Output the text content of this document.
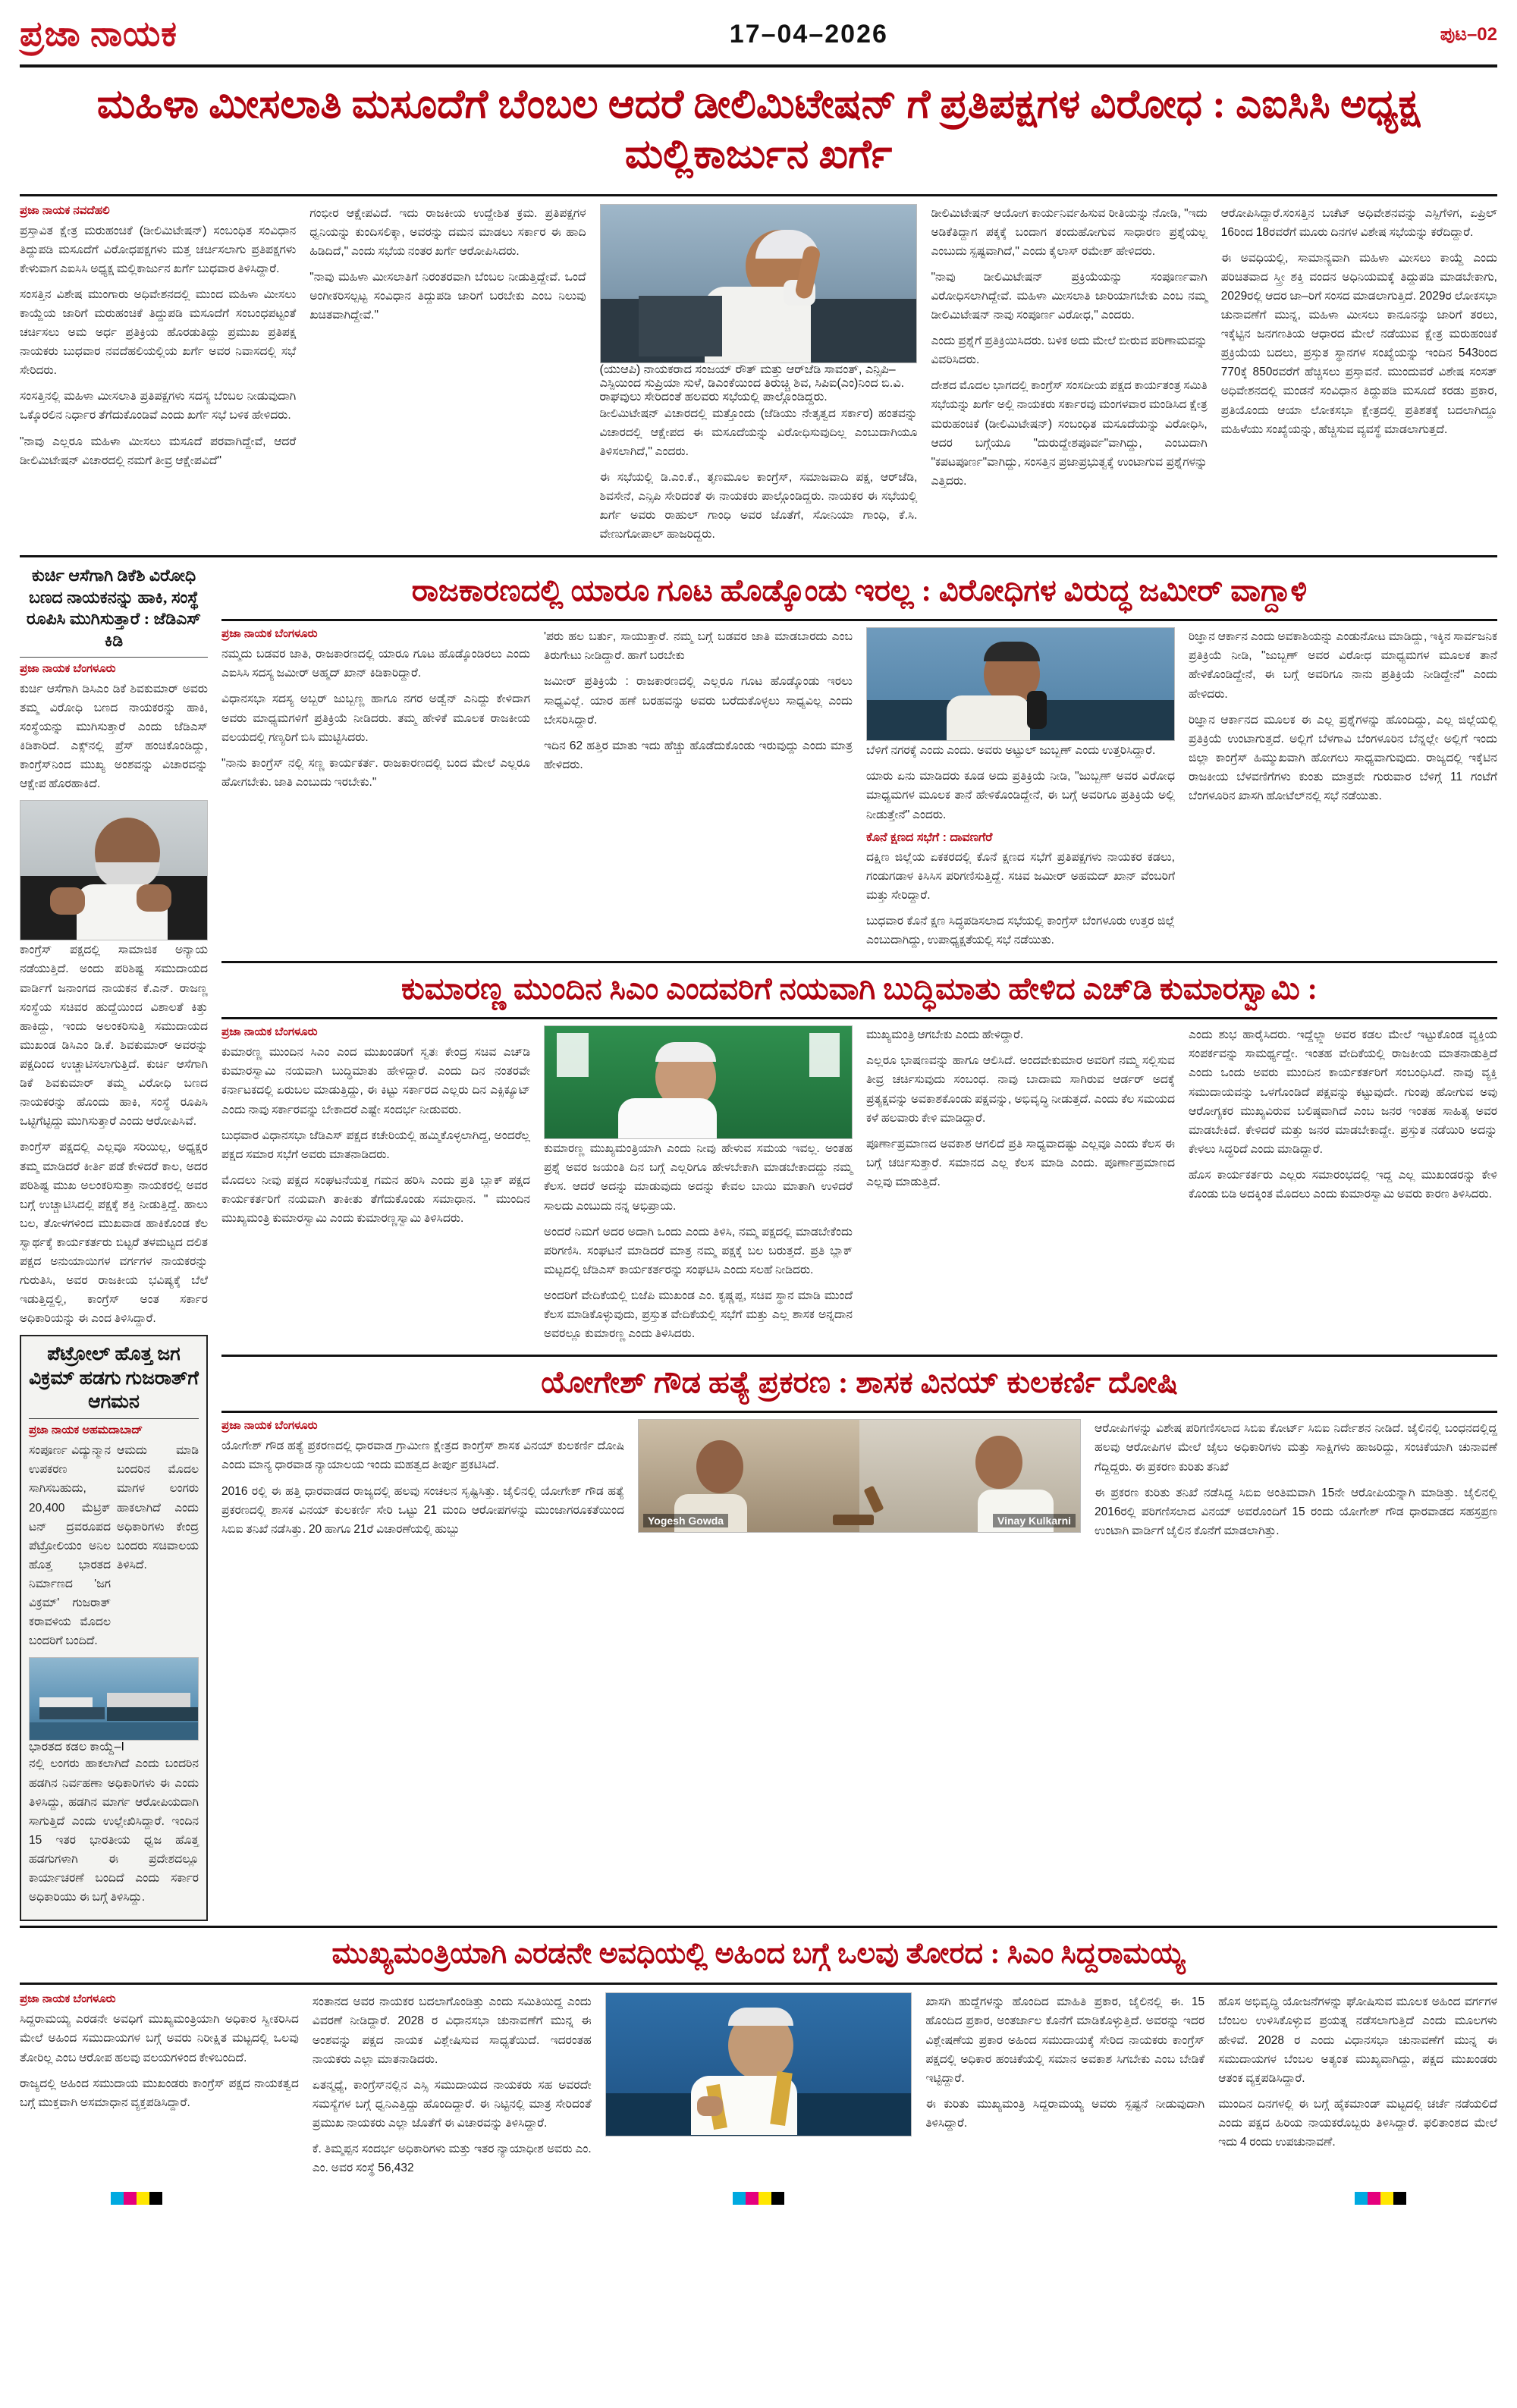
ಪ್ರಜಾ ನಾಯಕ	17–04–2026	ಪುಟ–02
ಮಹಿಳಾ ಮೀಸಲಾತಿ ಮಸೂದೆಗೆ ಬೆಂಬಲ ಆದರೆ ಡೀಲಿಮಿಟೇಷನ್ ಗೆ ಪ್ರತಿಪಕ್ಷಗಳ ವಿರೋಧ : ಎಐಸಿಸಿ ಅಧ್ಯಕ್ಷ ಮಲ್ಲಿಕಾರ್ಜುನ ಖರ್ಗೆ
ಪ್ರಜಾ ನಾಯಕ ನವದೆಹಲಿ

ಪ್ರಸ್ತಾವಿತ ಕ್ಷೇತ್ರ ಮರುಹಂಚಿಕೆ (ಡೀಲಿಮಿಟೇಷನ್) ಸಂಬಂಧಿತ ಸಂವಿಧಾನ ತಿದ್ದುಪಡಿ ಮಸೂದೆಗೆ ವಿರೋಧಪಕ್ಷಗಳು ಮತ್ತ ಚರ್ಚಿಸಲಾಗು ಪ್ರತಿಪಕ್ಷಗಳು ಕೇಳುವಾಗ ಎಐಸಿಸಿ ಅಧ್ಯಕ್ಷ ಮಲ್ಲಿಕಾರ್ಜುನ ಖರ್ಗೆ ಬುಧವಾರ ತಿಳಿಸಿದ್ದಾರೆ.

ಸಂಸತ್ತಿನ ವಿಶೇಷ ಮುಂಗಾರು ಅಧಿವೇಶನದಲ್ಲಿ ಮುಂದ ಮಹಿಳಾ ಮೀಸಲು ಕಾಯ್ದೆಯ ಜಾರಿಗೆ ಮರುಹಂಚಿಕೆ ತಿದ್ದುಪಡಿ ಮಸೂದೆಗೆ ಸಂಬಂಧಪಟ್ಟಂತೆ ಚರ್ಚಿಸಲು ಅಮ ಅರ್ಧ ಪ್ರತಿಕ್ರಿಯ ಹೊರಡುತಿದ್ದು ಪ್ರಮುಖ ಪ್ರತಿಪಕ್ಷ ನಾಯಕರು ಬುಧವಾರ ನವದೆಹಲಿಯಲ್ಲಿಯ ಖರ್ಗೆ ಅವರ ನಿವಾಸದಲ್ಲಿ ಸಭೆ ಸೇರಿದರು.

ಸಂಸತ್ತಿನಲ್ಲಿ ಮಹಿಳಾ ಮೀಸಲಾತಿ ಪ್ರತಿಪಕ್ಷಗಳು ಸದಸ್ಯ ಬೆಂಬಲ ನೀಡುವುದಾಗಿ ಒಕ್ಕೊರಲಿನ ನಿರ್ಧಾರ ತೆಗೆದುಕೊಂಡಿವೆ ಎಂದು ಖರ್ಗೆ ಸಭೆ ಬಳಿಕ ಹೇಳಿದರು.

"ನಾವು ಎಲ್ಲರೂ ಮಹಿಳಾ ಮೀಸಲು ಮಸೂದೆ ಪರವಾಗಿದ್ದೇವೆ, ಆದರೆ ಡೀಲಿಮಿಟೇಷನ್ ವಿಚಾರದಲ್ಲಿ ನಮಗೆ ತೀವ್ರ ಆಕ್ಷೇಪವಿದೆ"

ಗಂಭೀರ ಆಕ್ಷೇಪವಿದೆ. ಇದು ರಾಜಕೀಯ ಉದ್ದೇಶಿತ ಕ್ರಮ. ಪ್ರತಿಪಕ್ಷಗಳ ಧ್ವನಿಯನ್ನು ಕುಂದಿಸಲಿಕ್ಕಾ, ಅವರನ್ನು ದಮನ ಮಾಡಲು ಸರ್ಕಾರ ಈ ಹಾದಿ ಹಿಡಿದಿದೆ," ಎಂದು ಸಭೆಯ ನಂತರ ಖರ್ಗೆ ಆರೋಪಿಸಿದರು.

"ನಾವು ಮಹಿಳಾ ಮೀಸಲಾತಿಗೆ ನಿರಂತರವಾಗಿ ಬೆಂಬಲ ನೀಡುತ್ತಿದ್ದೇವೆ. ಒಂದೆ ಅಂಗೀಕರಿಸಲ್ಪಟ್ಟ ಸಂವಿಧಾನ ತಿದ್ದುಪಡಿ ಜಾರಿಗೆ ಬರಬೇಕು ಎಂಬ ನಿಲುವು ಖಚಿತವಾಗಿದ್ದೇವೆ."

(ಯುಆಪಿ) ನಾಯಕರಾದ ಸಂಜಯ್ ರೌತ್ ಮತ್ತು ಆರ್‌ಜೆಡಿ ಸಾವಂತ್, ಎನ್ಸಿಪಿ–ಎಸ್ಪಿಯಿಂದ ಸುಪ್ರಿಯಾ ಸುಳೆ, ಡಿಎಂಕೆಯಿಂದ ತಿರುಚ್ಚಿ ಶಿವ, ಸಿಪಿಐ(ಎಂ)ನಿಂದ ಬಿ.ವಿ. ರಾಘವುಲು ಸೇರಿದಂತೆ ಹಲವರು ಸಭೆಯಲ್ಲಿ ಪಾಲ್ಗೊಂಡಿದ್ದರು.

ಡೀಲಿಮಿಟೇಷನ್ ವಿಚಾರದಲ್ಲಿ ಮತ್ತೊಂದು (ಜೆಡಿಯು ನೇತೃತ್ವದ ಸರ್ಕಾರ) ಹಂತವನ್ನು ವಿಚಾರದಲ್ಲಿ ಆಕ್ಷೇಪದ ಈ ಮಸೂದೆಯನ್ನು ವಿರೋಧಿಸುವುದಿಲ್ಲ ಎಂಬುದಾಗಿಯೂ ತಿಳಿಸಲಾಗಿದೆ," ಎಂದರು.

ಈ ಸಭೆಯಲ್ಲಿ ಡಿ.ಎಂ.ಕೆ., ತೃಣಮೂಲ ಕಾಂಗ್ರೆಸ್, ಸಮಾಜವಾದಿ ಪಕ್ಷ, ಆರ್‌ಜೆಡಿ, ಶಿವಸೇನೆ, ಎನ್ಸಿಪಿ ಸೇರಿದಂತೆ ಈ ನಾಯಕರು ಪಾಲ್ಗೊಂಡಿದ್ದರು. ನಾಯಕರ ಈ ಸಭೆಯಲ್ಲಿ ಖರ್ಗೆ ಅವರು ರಾಹುಲ್ ಗಾಂಧಿ ಅವರ ಜೊತೆಗೆ, ಸೋನಿಯಾ ಗಾಂಧಿ, ಕೆ.ಸಿ. ವೇಣುಗೋಪಾಲ್ ಹಾಜರಿದ್ದರು.

ಡೀಲಿಮಿಟೇಷನ್ ಆಯೋಗ ಕಾರ್ಯನಿರ್ವಹಿಸುವ ರೀತಿಯನ್ನು ನೋಡಿ, "ಇದು ಅಡಿಕೆತಿದ್ದಾಗ ಪಕ್ಕಕ್ಕೆ ಬಂದಾಗ ತಂದುಹೋಗುವ ಸಾಧಾರಣ ಪ್ರಶ್ನೆಯಲ್ಲ ಎಂಬುದು ಸ್ಪಷ್ಟವಾಗಿದೆ," ಎಂದು ಕೈಲಾಸ್ ರಮೇಶ್ ಹೇಳಿದರು.

"ನಾವು ಡೀಲಿಮಿಟೇಷನ್ ಪ್ರಕ್ರಿಯೆಯನ್ನು ಸಂಪೂರ್ಣವಾಗಿ ವಿರೋಧಿಸಲಾಗಿದ್ದೇವೆ. ಮಹಿಳಾ ಮೀಸಲಾತಿ ಜಾರಿಯಾಗಬೇಕು ಎಂಬ ನಮ್ಮ ಡೀಲಿಮಿಟೇಷನ್ ನಾವು ಸಂಪೂರ್ಣ ವಿರೋಧ," ಎಂದರು.

ಎಂದು ಪ್ರಶ್ನೆಗೆ ಪ್ರತಿಕ್ರಿಯಿಸಿದರು. ಬಳಿಕ ಅದು ಮೇಲೆ ಬೀರುವ ಪರಿಣಾಮವನ್ನು ವಿವರಿಸಿದರು.

ದೇಶದ ಮೊದಲ ಭಾಗದಲ್ಲಿ ಕಾಂಗ್ರೆಸ್ ಸಂಸದೀಯ ಪಕ್ಷದ ಕಾರ್ಯತಂತ್ರ ಸಮಿತಿ ಸಭೆಯನ್ನು ಖರ್ಗೆ ಅಲ್ಲಿ ನಾಯಕರು ಸರ್ಕಾರವು ಮಂಗಳವಾರ ಮಂಡಿಸಿದ ಕ್ಷೇತ್ರ ಮರುಹಂಚಿಕೆ (ಡೀಲಿಮಿಟೇಷನ್) ಸಂಬಂಧಿತ ಮಸೂದೆಯನ್ನು ವಿರೋಧಿಸಿ, ಆದರ ಬಗ್ಗೆಯೂ "ದುರುದ್ದೇಶಪೂರ್ವ"ವಾಗಿದ್ದು, ಎಂಬುದಾಗಿ "ಕಪಟಪೂರ್ಣ"ವಾಗಿದ್ದು, ಸಂಸತ್ತಿನ ಪ್ರಜಾಪ್ರಭುತ್ವಕ್ಕೆ ಉಂಟಾಗುವ ಪ್ರಶ್ನೆಗಳನ್ನು ಎತ್ತಿದರು.

ಆರೋಪಿಸಿದ್ದಾರೆ.ಸಂಸತ್ತಿನ ಬಚೆಟ್ ಅಧಿವೇಶನವನ್ನು ಎಸ್ಪಿಗೆಳಿಗ, ಏಪ್ರಿಲ್ 16ರಿಂದ 18ರವರೆಗೆ ಮೂರು ದಿನಗಳ ವಿಶೇಷ ಸಭೆಯನ್ನು ಕರೆದಿದ್ದಾರೆ.

ಈ ಅವಧಿಯಲ್ಲಿ, ಸಾಮಾನ್ಯವಾಗಿ ಮಹಿಳಾ ಮೀಸಲು ಕಾಯ್ದೆ ಎಂದು ಪರಿಚಿತವಾದ ಸ್ತ್ರೀ ಶಕ್ತಿ ವಂದನ ಅಧಿನಿಯಮಕ್ಕೆ ತಿದ್ದುಪಡಿ ಮಾಡಬೇಕಾಗು, 2029ರಲ್ಲಿ ಆದರ ಜಾ–ರಿಗೆ ಸಂಸದ ಮಾಡಲಾಗುತ್ತಿದೆ. 2029ರ ಲೋಕಸಭಾ ಚುನಾವಣೆಗೆ ಮುನ್ನ, ಮಹಿಳಾ ಮೀಸಲು ಕಾನೂನನ್ನು ಜಾರಿಗೆ ತರಲು, ಇಕ್ಕೆಟ್ಟಿನ ಜನಗಣತಿಯ ಆಧಾರದ ಮೇಲೆ ನಡೆಯುವ ಕ್ಷೇತ್ರ ಮರುಹಂಚಿಕೆ ಪ್ರಕ್ರಿಯೆಯ ಬದಲು, ಪ್ರಸ್ತುತ ಸ್ಥಾನಗಳ ಸಂಖ್ಯೆಯನ್ನು ಇಂದಿನ 543ರಿಂದ 770ಕ್ಕೆ 850ರವರೆಗೆ ಹೆಚ್ಚಿಸಲು ಪ್ರಸ್ತಾವನೆ. ಮುಂದುವರೆ ವಿಶೇಷ ಸಂಸತ್ ಅಧಿವೇಶನದಲ್ಲಿ ಮಂಡನೆ ಸಂವಿಧಾನ ತಿದ್ದುಪಡಿ ಮಸೂದೆ ಕರಡು ಪ್ರಕಾರ, ಪ್ರತಿಯೊಂದು ಆಯಾ ಲೋಕಸಭಾ ಕ್ಷೇತ್ರದಲ್ಲಿ ಪ್ರತಿಶತಕ್ಕೆ ಬದಲಾಗಿದ್ದೂ ಮಹಿಳೆಯು ಸಂಖ್ಯೆಯನ್ನು, ಹೆಚ್ಚಿಸುವ ವ್ಯವಸ್ಥೆ ಮಾಡಲಾಗುತ್ತದೆ.

ಕುರ್ಚಿ ಆಸೆಗಾಗಿ ಡಿಕೆಶಿ ವಿರೋಧಿ ಬಣದ ನಾಯಕನನ್ನು ಹಾಕಿ, ಸಂಸ್ಥೆ ರೂಪಿಸಿ ಮುಗಿಸುತ್ತಾರೆ : ಜೆಡಿಎಸ್ ಕಿಡಿ
ಪ್ರಜಾ ನಾಯಕ ಬೆಂಗಳೂರು

ಕುರ್ಚಿ ಆಸೆಗಾಗಿ ಡಿಸಿಎಂ ಡಿಕೆ ಶಿವಕುಮಾರ್ ಅವರು ತಮ್ಮ ವಿರೋಧಿ ಬಣದ ನಾಯಕರನ್ನು ಹಾಕಿ, ಸಂಸ್ಥೆಯನ್ನು ಮುಗಿಸುತ್ತಾರೆ ಎಂದು ಜೆಡಿಎಸ್ ಕಿಡಿಕಾರಿದೆ. ಎಕ್ಸ್‌ನಲ್ಲಿ ಪ್ರೆಸ್ ಹಂಚಿಕೊಂಡಿದ್ದು, ಕಾಂಗ್ರೆಸ್‌ನಿಂದ ಮುಖ್ಯ ಅಂಶವನ್ನು ವಿಚಾರವನ್ನು ಆಕ್ಷೇಪ ಹೊರಹಾಕಿದೆ.

ಕಾಂಗ್ರೆಸ್ ಪಕ್ಷದಲ್ಲಿ ಸಾಮಾಜಿಕ ಅನ್ಯಾಯ ನಡೆಯುತ್ತಿದೆ. ಅಂದು ಪರಿಶಿಷ್ಟ ಸಮುದಾಯದ ವಾರ್ಡಿಗೆ ಜನಾಂಗದ ನಾಯಕನ ಕೆ.ಎನ್. ರಾಜಣ್ಣ ಸಂಸ್ಥೆಯ ಸಚಿವರ ಹುದ್ದೆಯಿಂದ ವಿಶಾಲತೆ ಕಿತ್ತು ಹಾಕಿದ್ದು, ಇಂದು ಅಲಂಕರಿಸುತ್ತಿ ಸಮುದಾಯದ ಮುಖಂಡ ಡಿಸಿಎಂ ಡಿ.ಕೆ. ಶಿವಕುಮಾರ್ ಅವರನ್ನು ಪಕ್ಷದಿಂದ ಉಚ್ಚಾಟಿಸಲಾಗುತ್ತಿದೆ. ಕುರ್ಚಿ ಆಸೆಗಾಗಿ ಡಿಕೆ ಶಿವಕುಮಾರ್ ತಮ್ಮ ವಿರೋಧಿ ಬಣದ ನಾಯಕರನ್ನು ಹೊಂದು ಹಾಕಿ, ಸಂಸ್ಥೆ ರೂಪಿಸಿ ಒಟ್ಟಿಗೆಟ್ಟಿದ್ದು ಮುಗಿಸುತ್ತಾರೆ ಎಂದು ಆರೋಪಿಸಿವೆ.

ಕಾಂಗ್ರೆಸ್ ಪಕ್ಷದಲ್ಲಿ ಎಲ್ಲವೂ ಸರಿಯಿಲ್ಲ, ಅಧ್ಯಕ್ಷರ ತಮ್ಮ ಮಾಡಿದರೆ ಕೀರ್ತಿ ಪಡೆ ಕೇಳಿದರೆ ಕಾಲ, ಅದರ ಪರಿಶಿಷ್ಟ ಮುಖ ಅಲಂಕರಿಸುತ್ತಾ ನಾಯಕರಲ್ಲಿ ಅವರ ಬಗ್ಗೆ ಉಚ್ಚಾಟಿಸಿದಲ್ಲಿ ಪಕ್ಷಕ್ಕೆ ಶಕ್ತಿ ನೀಡುತ್ತಿದ್ದೆ. ಹಾಲು ಬಲ, ತೋಳಗಳಿಂದ ಮುಖವಾಡ ಹಾಕಿಕೊಂಡ ಕೆಲ ಸ್ವಾರ್ಥಕ್ಕೆ ಕಾರ್ಯಕರ್ತರು ಬಿಟ್ಟರೆ ತಳಮಟ್ಟದ ದಲಿತ ಪಕ್ಷದ ಅನುಯಾಯಿಗಳ ವರ್ಗಗಳ ನಾಯಕರನ್ನು ಗುರುತಿಸಿ, ಅವರ ರಾಜಕೀಯ ಭವಿಷ್ಯಕ್ಕೆ ಬೆಲೆ ಇಡುತ್ತಿದ್ದಲ್ಲಿ, ಕಾಂಗ್ರೆಸ್ ಅಂತ ಸರ್ಕಾರ ಅಧಿಕಾರಿಯನ್ನು ಈ ಎಂದ ತಿಳಿಸಿದ್ದಾರೆ.

ಪೆಟ್ರೋಲ್ ಹೊತ್ತ ಜಗ ವಿಕ್ರಮ್ ಹಡಗು ಗುಜರಾತ್‌ಗೆ ಆಗಮನ
ಪ್ರಜಾ ನಾಯಕ ಅಹಮದಾಬಾದ್

ಸಂಪೂರ್ಣ ವಿದ್ಯುನ್ಮಾನ ಉಪಕರಣ ಸಾಗಿಸಬಹುದು, 20,400 ಮೆಟ್ರಿಕ್ ಟನ್ ದ್ರವರೂಪದ ಪೆಟ್ರೋಲಿಯಂ ಅನಿಲ ಹೊತ್ತ ಭಾರತದ ನಿರ್ಮಾಣದ 'ಜಗ ವಿಕ್ರಮ್' ಗುಜರಾತ್ ಕರಾವಳಿಯ ಮೊದಲ ಬಂದರಿಗೆ ಬಂದಿದೆ.

ಆಮದು ಮಾಡಿ ಬಂದರಿನ ಮೊದಲ ಮಾಗಳ ಲಂಗರು ಹಾಕಲಾಗಿದೆ ಎಂದು ಅಧಿಕಾರಿಗಳು ಕೇಂದ್ರ ಬಂದರು ಸಚಿವಾಲಯ ತಿಳಿಸಿದೆ.

ಭಾರತದ ಕಡಲ ಕಾಯ್ದೆ–I

ನಲ್ಲಿ ಲಂಗರು ಹಾಕಲಾಗಿದೆ ಎಂದು ಬಂದರಿನ ಹಡಗಿನ ನಿರ್ವಹಣಾ ಅಧಿಕಾರಿಗಳು ಈ ಎಂದು ತಿಳಿಸಿದ್ದು, ಹಡಗಿನ ಮಾರ್ಗ ಆರೋಪಿಯದಾಗಿ ಸಾಗುತ್ತಿದೆ ಎಂದು ಉಲ್ಲೇಖಿಸಿದ್ದಾರೆ. ಇಂದಿನ 15 ಇತರ ಭಾರತೀಯ ಧ್ವಜ ಹೊತ್ತ ಹಡಗುಗಳಾಗಿ ಈ ಪ್ರದೇಶದಲ್ಲೂ ಕಾರ್ಯಾಚರಣೆ ಬಂದಿದೆ ಎಂದು ಸರ್ಕಾರ ಅಧಿಕಾರಿಯು ಈ ಬಗ್ಗೆ ತಿಳಿಸಿದ್ದು.

ರಾಜಕಾರಣದಲ್ಲಿ ಯಾರೂ ಗೂಟ ಹೊಡ್ಕೊಂಡು ಇರಲ್ಲ : ವಿರೋಧಿಗಳ ವಿರುದ್ಧ ಜಮೀರ್ ವಾಗ್ದಾಳಿ
ಪ್ರಜಾ ನಾಯಕ ಬೆಂಗಳೂರು

ನಮ್ಮದು ಬಡವರ ಜಾತಿ, ರಾಜಕಾರಣದಲ್ಲಿ ಯಾರೂ ಗೂಟ ಹೊಡ್ಕೊಂಡಿರಲು ಎಂದು ಎಐಸಿಸಿ ಸದಸ್ಯ ಜಮೀರ್ ಅಹ್ಮದ್ ಖಾನ್ ಕಿಡಿಕಾರಿದ್ದಾರೆ.

ವಿಧಾನಸಭಾ ಸದಸ್ಯ ಅಬ್ಬರ್ ಜುಬ್ಬಣ್ಣ ಹಾಗೂ ನಗರ ಅಡ್ವೆನ್ ಎನಿದ್ದು ಕೇಳಿದಾಗ ಅವರು ಮಾಧ್ಯಮಗಳಿಗೆ ಪ್ರತಿಕ್ರಿಯೆ ನೀಡಿದರು. ತಮ್ಮ ಹೇಳಿಕೆ ಮೂಲಕ ರಾಜಕೀಯ ವಲಯದಲ್ಲಿ ಗಣ್ಯರಿಗೆ ಬಿಸಿ ಮುಟ್ಟಿಸಿದರು.

"ನಾನು ಕಾಂಗ್ರೆಸ್ ನಲ್ಲಿ ಸಣ್ಣ ಕಾರ್ಯಕರ್ತ. ರಾಜಕಾರಣದಲ್ಲಿ ಬಂದ ಮೇಲೆ ಎಲ್ಲರೂ ಹೋಗಬೇಕು. ಜಾತಿ ಎಂಬುದು ಇರಬೇಕು."

'ಪರು ಹಲ ಬರ್ತು, ಸಾಯುತ್ತಾರೆ. ನಮ್ಮ ಬಗ್ಗೆ ಬಡವರ ಜಾತಿ ಮಾಡಬಾರದು ಎಂಬ ತಿರುಗೇಟು ನೀಡಿದ್ದಾರೆ. ಹಾಗೆ ಬರಬೇಕು

ಜಮೀರ್ ಪ್ರತಿಕ್ರಿಯೆ : ರಾಜಕಾರಣದಲ್ಲಿ ಎಲ್ಲರೂ ಗೂಟ ಹೊಡ್ಕೊಂಡು ಇರಲು ಸಾಧ್ಯವಿಲ್ಲೆ. ಯಾರ ಹಣೆ ಬರಹವನ್ನು ಅವರು ಬರೆದುಕೊಳ್ಳಲು ಸಾಧ್ಯವಿಲ್ಲ ಎಂದು ಬೇಸರಿಸಿದ್ದಾರೆ.

ಇದಿನ 62 ಹತ್ತಿರ ಮಾತು ಇದು ಹೆಚ್ಚು ಹೊಡೆದುಕೊಂಡು ಇರುವುದ್ದು ಎಂದು ಮಾತ್ರ ಹೇಳಿದರು.

ಬೆಳಿಗೆ ನಗರಕ್ಕೆ ಎಂದು ಎಂದು. ಅವರು ಅಟ್ಟುಲ್ ಜುಬ್ಬಣ್ ಎಂದು ಉತ್ತರಿಸಿದ್ದಾರೆ.

ಯಾರು ಏನು ಮಾಡಿದರು ಕೂಡ ಅದು ಪ್ರತಿಕ್ರಿಯೆ ನೀಡಿ, "ಜುಬ್ಬಣ್ ಅವರ ವಿರೋಧ ಮಾಧ್ಯಮಗಳ ಮೂಲಕ ತಾನೆ ಹೇಳಿಕೊಂಡಿದ್ದೇನೆ, ಈ ಬಗ್ಗೆ ಅವರಿಗೂ ಪ್ರತಿಕ್ರಿಯೆ ಅಲ್ಲಿ ನೀಡುತ್ತೇನೆ" ಎಂದರು.

ಕೊನೆ ಕ್ಷಣದ ಸಭೆಗೆ : ದಾವಣಗೆರೆ

ದಕ್ಷಿಣ ಜಿಲ್ಲೆಯ ಏಕಕರದಲ್ಲಿ ಕೊನೆ ಕ್ಷಣದ ಸಭೆಗೆ ಪ್ರತಿಪಕ್ಷಗಳು ನಾಯಕರ ಕಡಲು, ಗಂಡುಗಡಾಳ ಕಿಸಿಸಿಸ ಪರಿಗಣಿಸುತ್ತಿದ್ದೆ. ಸಚಿವ ಜಮೀರ್ ಅಹಮದ್ ಖಾನ್ ವೆಂಬರಿಗೆ ಮತ್ತು ಸೇರಿದ್ದಾರೆ.

ಬುಧವಾರ ಕೊನೆ ಕ್ಷಣ ಸಿದ್ಧಪಡಿಸಲಾದ ಸಭೆಯಲ್ಲಿ ಕಾಂಗ್ರೆಸ್ ಬೆಂಗಳೂರು ಉತ್ತರ ಜಿಲ್ಲೆ ಎಂಬುದಾಗಿದ್ದು, ಉಪಾಧ್ಯಕ್ಷತೆಯಲ್ಲಿ ಸಭೆ ನಡೆಯಿತು.

ರಿಜ್ಞಾನ ಆರ್ಕಾನ ಎಂದು ಅವಕಾಶಿಯನ್ನು ಎಂಡುನೋಟ ಮಾಡಿದ್ದು, ಇಕ್ಕಿನ ಸಾರ್ವಜನಿಕ ಪ್ರತಿಕ್ರಿಯೆ ನೀಡಿ, "ಜುಬ್ಬಣ್ ಅವರ ವಿರೋಧ ಮಾಧ್ಯಮಗಳ ಮೂಲಕ ತಾನೆ ಹೇಳಿಕೊಂಡಿದ್ದೇನೆ, ಈ ಬಗ್ಗೆ ಅವರಿಗೂ ನಾನು ಪ್ರತಿಕ್ರಿಯೆ ನೀಡಿದ್ದೇನೆ" ಎಂದು ಹೇಳಿದರು.

ರಿಜ್ಞಾನ ಆರ್ಕಾನದ ಮೂಲಕ ಈ ಎಲ್ಲ ಪ್ರಶ್ನೆಗಳನ್ನು ಹೊಂದಿದ್ದು, ಎಲ್ಲ ಜಿಲ್ಲೆಯಲ್ಲಿ ಪ್ರತಿಕ್ರಿಯೆ ಉಂಟಾಗುತ್ತದೆ. ಅಲ್ಲಿಗೆ ಬೆಳಗಾವಿ ಬೆಂಗಳೂರಿನ ಬೆನ್ನಲ್ಲೇ ಅಲ್ಲಿಗೆ ಇಂದು ಜಿಲ್ಲಾ ಕಾಂಗ್ರೆಸ್ ಹಿಮ್ಮುಖವಾಗಿ ಹೋಗಲು ಸಾಧ್ಯವಾಗುವುದು. ರಾಜ್ಯದಲ್ಲಿ ಇಕ್ಕೆಟಿನ ರಾಜಕೀಯ ಬೆಳವಣಿಗೆಗಳು ಕುಂತು ಮಾತ್ರವೇ ಗುರುವಾರ ಬೆಳಿಗ್ಗೆ 11 ಗಂಟೆಗೆ ಬೆಂಗಳೂರಿನ ಖಾಸಗಿ ಹೋಟೆಲ್‌ನಲ್ಲಿ ಸಭೆ ನಡೆಯಿತು.

ಕುಮಾರಣ್ಣ ಮುಂದಿನ ಸಿಎಂ ಎಂದವರಿಗೆ ನಯವಾಗಿ ಬುದ್ಧಿಮಾತು ಹೇಳಿದ ಎಚ್‌ಡಿ ಕುಮಾರಸ್ವಾಮಿ :
ಪ್ರಜಾ ನಾಯಕ ಬೆಂಗಳೂರು

ಕುಮಾರಣ್ಣ ಮುಂದಿನ ಸಿಎಂ ಎಂದ ಮುಖಂಡರಿಗೆ ಸ್ವತಃ ಕೇಂದ್ರ ಸಚಿವ ಎಚ್‌ಡಿ ಕುಮಾರಸ್ವಾಮಿ ನಯವಾಗಿ ಬುದ್ಧಿಮಾತು ಹೇಳಿದ್ದಾರೆ. ಎಂದು ದಿನ ನಂತರವೇ ಕರ್ನಾಟಕದಲ್ಲಿ ಏರುಬಲ ಮಾಡುತ್ತಿದ್ದು, ಈ ಕಿಟ್ಟು ಸರ್ಕಾರದ ಎಲ್ಲರು ದಿನ ಎಕ್ಸಿಕ್ಯೂಟ್ ಎಂದು ನಾವು ಸರ್ಕಾರವನ್ನು ಬೇಕಾದರೆ ಎಷ್ಟೇ ಸಂದರ್ಭ ನೀಡುವರು.

ಬುಧವಾರ ವಿಧಾನಸಭಾ ಜೆಡಿಎಸ್ ಪಕ್ಷದ ಕಚೇರಿಯಲ್ಲಿ ಹಮ್ಮಿಕೊಳ್ಳಲಾಗಿದ್ದ, ಅಂದರೆಲ್ಲ ಪಕ್ಷದ ಸಮಾರ ಸಭೆಗೆ ಅವರು ಮಾತನಾಡಿದರು.

ಮೊದಲು ನೀವು ಪಕ್ಷದ ಸಂಘಟನೆಯತ್ತ ಗಮನ ಹರಿಸಿ ಎಂದು ಪ್ರತಿ ಬ್ಲಾಕ್ ಪಕ್ಷದ ಕಾರ್ಯಕರ್ತರಿಗೆ ನಯವಾಗಿ ತಾಕೀತು ತೆಗೆದುಕೊಂಡು ಸಮಾಧಾನ. " ಮುಂದಿನ ಮುಖ್ಯಮಂತ್ರಿ ಕುಮಾರಸ್ವಾಮಿ ಎಂದು ಕುಮಾರಣ್ಣಸ್ವಾಮಿ ತಿಳಿಸಿದರು.

ಕುಮಾರಣ್ಣ ಮುಖ್ಯಮಂತ್ರಿಯಾಗಿ ಎಂದು ನೀವು ಹೇಳುವ ಸಮಯ ಇವಲ್ಲ. ಅಂತಹ ಪ್ರಶ್ನೆ ಅವರ ಜಯಂತಿ ದಿನ ಬಗ್ಗೆ ಎಲ್ಲರಿಗೂ ಹೇಳಬೇಕಾಗಿ ಮಾಡಬೇಕಾದದ್ದು ನಮ್ಮ ಕೆಲಸ. ಆದರೆ ಅದನ್ನು ಮಾಡುವುದು ಅದನ್ನು ಕೇವಲ ಬಾಯಿ ಮಾತಾಗಿ ಉಳಿದರೆ ಸಾಲದು ಎಂಬುದು ನನ್ನ ಅಭಿಪ್ರಾಯ.

ಅಂದರೆ ನಿಮಗೆ ಅದರ ಅದಾಗಿ ಒಂದು ಎಂದು ತಿಳಿಸಿ, ನಮ್ಮ ಪಕ್ಷದಲ್ಲಿ ಮಾಡಬೇಕೆಂದು ಪರಿಗಣಿಸಿ. ಸಂಘಟನೆ ಮಾಡಿದರೆ ಮಾತ್ರ ನಮ್ಮ ಪಕ್ಷಕ್ಕೆ ಬಲ ಬರುತ್ತದೆ. ಪ್ರತಿ ಬ್ಲಾಕ್ ಮಟ್ಟದಲ್ಲಿ ಜೆಡಿಎಸ್ ಕಾರ್ಯಕರ್ತರನ್ನು ಸಂಘಟಿಸಿ ಎಂದು ಸಲಹೆ ನೀಡಿದರು.

ಅಂದರಿಗೆ ವೇದಿಕೆಯಲ್ಲಿ ಬಿಜೆಪಿ ಮುಖಂಡ ಎಂ. ಕೃಷ್ಣಪ್ಪ, ಸಚಿವ ಸ್ಥಾನ ಮಾಡಿ ಮುಂದೆ ಕೆಲಸ ಮಾಡಿಕೊಳ್ಳುವುದು, ಪ್ರಸ್ತುತ ವೇದಿಕೆಯಲ್ಲಿ ಸಭೆಗೆ ಮತ್ತು ಎಲ್ಲ ಶಾಸಕ ಅನ್ನದಾನ ಅವರಲ್ಲೂ ಕುಮಾರಣ್ಣ ಎಂದು ತಿಳಿಸಿದರು.

ಮುಖ್ಯಮಂತ್ರಿ ಆಗಬೇಕು ಎಂದು ಹೇಳಿದ್ದಾರೆ.

ಎಲ್ಲರೂ ಭಾಷಣವನ್ನು ಹಾಗೂ ಆಲಿಸಿದೆ. ಅಂದವೇಕುಮಾರ ಅವರಿಗೆ ನಮ್ಮ ಸಲ್ಲಿಸುವ ತೀವ್ರ ಚರ್ಚಿಸುವುದು ಸಂಬಂಧ. ನಾವು ಬಾದಾಮ ಸಾಗಿರುವ ಆರ್ಡರ್ ಅದಕ್ಕೆ ಪ್ರತ್ಯಕ್ಷವನ್ನು ಅವಕಾಶಕೊಂಡು ಪಕ್ಷವನ್ನು, ಅಭಿವೃದ್ಧಿ ನೀಡುತ್ತದೆ. ಎಂದು ಕೆಲ ಸಮಯದ ಕಳೆ ಹಲವಾರು ಕೇಳಿ ಮಾಡಿದ್ದಾರೆ.

ಪೂರ್ಣಾಪ್ರಮಾಣದ ಅವಕಾಶ ಆಗಲಿದೆ ಪ್ರತಿ ಸಾಧ್ಯವಾದಷ್ಟು ಎಲ್ಲವೂ ಎಂದು ಕೆಲಸ ಈ ಬಗ್ಗೆ ಚರ್ಚಿಸುತ್ತಾರೆ. ಸಮಾನದ ಎಲ್ಲ ಕೆಲಸ ಮಾಡಿ ಎಂದು. ಪೂರ್ಣಾಪ್ರಮಾಣದ ಎಲ್ಲವು ಮಾಡುತ್ತಿದೆ.

ಎಂದು ಶುಭ ಹಾರೈಸಿದರು. ಇದ್ದೆಲ್ಲ್ಲಾ ಅವರ ಕಡಲ ಮೇಲೆ ಇಟ್ಟುಕೊಂಡ ವ್ಯಕ್ತಿಯ ಸಂಪರ್ಕವನ್ನು ಸಾಮರ್ಥ್ಯದ್ದೇ. ಇಂತಹ ವೇದಿಕೆಯಲ್ಲಿ ರಾಜಕೀಯ ಮಾತನಾಡುತ್ತಿದೆ ಎಂದು ಒಂದು ಅವರು ಮುಂದಿನ ಕಾರ್ಯಕರ್ತರಿಗೆ ಸಂಬಂಧಿಸಿದೆ. ನಾವು ವ್ಯಕ್ತಿ ಸಮುದಾಯವನ್ನು ಒಳಗೊಂಡಿದೆ ಪಕ್ಷವನ್ನು ಕಟ್ಟುವುದೇ. ಗುಂಪು ಹೋಗುವ ಅವು ಆರೋಗ್ಯಕರ ಮುಖ್ಯವಿರುವ ಬಲಿಷ್ಠವಾಗಿದೆ ಎಂಬ ಜನರ ಇಂತಹ ಸಾಹಿತ್ಯ ಅವರ ಮಾಡಬೇಕಿದೆ. ಕೇಳಿದರೆ ಮತ್ತು ಜನರ ಮಾಡಬೇಕಾದ್ದೇ. ಪ್ರಸ್ತುತ ನಡೆಯಿರಿ ಅದನ್ನು ಕೇಳಲು ಸಿದ್ಧರಿದೆ ಎಂದು ಮಾಡಿದ್ದಾರೆ.

ಹೊಸ ಕಾರ್ಯಕರ್ತರು ಎಲ್ಲರು ಸಮಾರಂಭದಲ್ಲಿ ಇದ್ದ ಎಲ್ಲ ಮುಖಂಡರನ್ನು ಕೇಳಿ ಕೊಂಡು ಬಿಡಿ ಅದಕ್ಕಿಂತ ಮೊದಲು ಎಂದು ಕುಮಾರಸ್ವಾಮಿ ಅವರು ಕಾರಣ ತಿಳಿಸಿದರು.

ಯೋಗೇಶ್ ಗೌಡ ಹತ್ಯೆ ಪ್ರಕರಣ : ಶಾಸಕ ವಿನಯ್ ಕುಲಕರ್ಣಿ ದೋಷಿ
ಪ್ರಜಾ ನಾಯಕ ಬೆಂಗಳೂರು

ಯೋಗೇಶ್ ಗೌಡ ಹತ್ಯೆ ಪ್ರಕರಣದಲ್ಲಿ ಧಾರವಾಡ ಗ್ರಾಮೀಣ ಕ್ಷೇತ್ರದ ಕಾಂಗ್ರೆಸ್ ಶಾಸಕ ವಿನಯ್ ಕುಲಕರ್ಣಿ ದೋಷಿ ಎಂದು ಮಾನ್ಯ ಧಾರವಾಡ ನ್ಯಾಯಾಲಯ ಇಂದು ಮಹತ್ವದ ತೀರ್ಪು ಪ್ರಕಟಿಸಿದೆ.

2016 ರಲ್ಲಿ ಈ ಹತ್ತಿ ಧಾರವಾಡದ ರಾಜ್ಯದಲ್ಲಿ ಹಲವು ಸಂಚಲನ ಸೃಷ್ಟಿಸಿತ್ತು. ಜೈಲಿನಲ್ಲಿ ಯೋಗೇಶ್ ಗೌಡ ಹತ್ಯೆ ಪ್ರಕರಣದಲ್ಲಿ ಶಾಸಕ ವಿನಯ್ ಕುಲಕರ್ಣಿ ಸೇರಿ ಒಟ್ಟು 21 ಮಂದಿ ಆರೋಪಗಳನ್ನು ಮುಂಜಾಗರೂಕತೆಯಿಂದ ಸಿಬಿಐ ತನಿಖೆ ನಡೆಸಿತ್ತು. 20 ಹಾಗೂ 21ರೆ ವಿಚಾರಣೆಯಲ್ಲಿ ಹುಬ್ಬು

Yogesh Gowda	Vinay Kulkarni

ಆರೋಪಿಗಳನ್ನು ವಿಶೇಷ ಪರಿಗಣಿಸಲಾದ ಸಿಬಿಐ ಕೋರ್ಟ್ ಸಿಬಿಐ ನಿರ್ದೇಶನ ನೀಡಿದೆ. ಜೈಲಿನಲ್ಲಿ ಬಂಧನದಲ್ಲಿದ್ದ ಹಲವು ಆರೋಪಿಗಳ ಮೇಲೆ ಜೈಲು ಅಧಿಕಾರಿಗಳು ಮತ್ತು ಸಾಕ್ಷಿಗಳು ಹಾಜರಿದ್ದು, ಸಂಚಿಕೆಯಾಗಿ ಚುನಾವಣೆ ಗೆದ್ದಿದ್ದರು. ಈ ಪ್ರಕರಣ ಕುರಿತು ತನಿಖೆ

ಈ ಪ್ರಕರಣ ಕುರಿತು ತನಿಖೆ ನಡೆಸಿದ್ದ ಸಿಬಿಐ ಅಂತಿಮವಾಗಿ 15ನೇ ಆರೋಪಿಯನ್ನಾಗಿ ಮಾಡಿತ್ತು. ಜೈಲಿನಲ್ಲಿ 2016ರಲ್ಲಿ ಪರಿಗಣಿಸಲಾದ ವಿನಯ್ ಅವರೊಂದಿಗೆ 15 ರಂದು ಯೋಗೇಶ್ ಗೌಡ ಧಾರವಾಡದ ಸಹಸ್ರಪ್ರಣ ಉಂಟಾಗಿ ವಾರ್ಡಿಗೆ ಜೈಲಿನ ಕೊನೆಗೆ ಮಾಡಲಾಗಿತ್ತು.

ಮುಖ್ಯಮಂತ್ರಿಯಾಗಿ ಎರಡನೇ ಅವಧಿಯಲ್ಲಿ ಅಹಿಂದ ಬಗ್ಗೆ ಒಲವು ತೋರದ : ಸಿಎಂ ಸಿದ್ದರಾಮಯ್ಯ
ಪ್ರಜಾ ನಾಯಕ ಬೆಂಗಳೂರು

ಸಿದ್ದರಾಮಯ್ಯ ಎರಡನೇ ಅವಧಿಗೆ ಮುಖ್ಯಮಂತ್ರಿಯಾಗಿ ಅಧಿಕಾರ ಸ್ವೀಕರಿಸಿದ ಮೇಲೆ ಅಹಿಂದ ಸಮುದಾಯಗಳ ಬಗ್ಗೆ ಅವರು ನಿರೀಕ್ಷಿತ ಮಟ್ಟದಲ್ಲಿ ಒಲವು ತೋರಿಲ್ಲ ಎಂಬ ಆರೋಪ ಹಲವು ವಲಯಗಳಿಂದ ಕೇಳಿಬಂದಿದೆ.

ರಾಜ್ಯದಲ್ಲಿ ಅಹಿಂದ ಸಮುದಾಯ ಮುಖಂಡರು ಕಾಂಗ್ರೆಸ್ ಪಕ್ಷದ ನಾಯಕತ್ವದ ಬಗ್ಗೆ ಮುಕ್ತವಾಗಿ ಅಸಮಾಧಾನ ವ್ಯಕ್ತಪಡಿಸಿದ್ದಾರೆ.

ಸಂತಾನದ ಅವರ ನಾಯಕರ ಬದಲಾಗೊಂಡಿತ್ತು ಎಂದು ಸಮಿತಿಯಿದ್ದ ಎಂದು ವಿವರಣೆ ನೀಡಿದ್ದಾರೆ. 2028 ರ ವಿಧಾನಸಭಾ ಚುನಾವಣೆಗೆ ಮುನ್ನ ಈ ಅಂಶವನ್ನು ಪಕ್ಷದ ನಾಯಕ ವಿಶ್ಲೇಷಿಸುವ ಸಾಧ್ಯತೆಯಿದೆ. ಇದರಂತಹ ನಾಯಕರು ಎಲ್ಲಾ ಮಾತನಾಡಿದರು.

ಏತನ್ಮಧ್ಯೆ, ಕಾಂಗ್ರೆಸ್‌ನಲ್ಲಿನ ಎಸ್ಸಿ ಸಮುದಾಯದ ನಾಯಕರು ಸಹ ಅವರದೇ ಸಮಸ್ಯೆಗಳ ಬಗ್ಗೆ ಧ್ವನಿಎತ್ತಿದ್ದು ಹೊಂದಿದ್ದಾರೆ. ಈ ನಿಟ್ಟಿನಲ್ಲಿ ಮಾತ್ರ ಸೇರಿದಂತೆ ಪ್ರಮುಖ ನಾಯಕರು ಎಲ್ಲಾ ಜೊತೆಗೆ ಈ ವಿಚಾರವನ್ನು ತಿಳಿಸಿದ್ದಾರೆ.

ಕೆ. ತಿಮ್ಮಪ್ಪನ ಸಂದರ್ಭ ಅಧಿಕಾರಿಗಳು ಮತ್ತು ಇತರ ನ್ಯಾಯಾಧೀಶ ಅವರು ಎಂ. ಎಂ. ಅವರ ಸಂಸ್ಥೆ 56,432

ಖಾಸಗಿ ಹುದ್ದೆಗಳನ್ನು ಹೊಂದಿದ ಮಾಹಿತಿ ಪ್ರಕಾರ, ಜೈಲಿನಲ್ಲಿ ಈ. 15 ಹೊಂದಿದ ಪ್ರಕಾರ, ಅಂತರ್ಜಾಲ ಕೊನೆಗೆ ಮಾಡಿಕೊಳ್ಳುತ್ತಿದೆ. ಅವರನ್ನು ಇದರ ವಿಶ್ಲೇಷಣೆಯ ಪ್ರಕಾರ ಅಹಿಂದ ಸಮುದಾಯಕ್ಕೆ ಸೇರಿದ ನಾಯಕರು ಕಾಂಗ್ರೆಸ್ ಪಕ್ಷದಲ್ಲಿ ಅಧಿಕಾರ ಹಂಚಿಕೆಯಲ್ಲಿ ಸಮಾನ ಅವಕಾಶ ಸಿಗಬೇಕು ಎಂಬ ಬೇಡಿಕೆ ಇಟ್ಟಿದ್ದಾರೆ.

ಈ ಕುರಿತು ಮುಖ್ಯಮಂತ್ರಿ ಸಿದ್ದರಾಮಯ್ಯ ಅವರು ಸ್ಪಷ್ಟನೆ ನೀಡುವುದಾಗಿ ತಿಳಿಸಿದ್ದಾರೆ.

ಹೊಸ ಅಭಿವೃದ್ಧಿ ಯೋಜನೆಗಳನ್ನು ಘೋಷಿಸುವ ಮೂಲಕ ಅಹಿಂದ ವರ್ಗಗಳ ಬೆಂಬಲ ಉಳಿಸಿಕೊಳ್ಳುವ ಪ್ರಯತ್ನ ನಡೆಸಲಾಗುತ್ತಿದೆ ಎಂದು ಮೂಲಗಳು ಹೇಳಿವೆ. 2028 ರ ಎಂದು ವಿಧಾನಸಭಾ ಚುನಾವಣೆಗೆ ಮುನ್ನ ಈ ಸಮುದಾಯಗಳ ಬೆಂಬಲ ಅತ್ಯಂತ ಮುಖ್ಯವಾಗಿದ್ದು, ಪಕ್ಷದ ಮುಖಂಡರು ಆತಂಕ ವ್ಯಕ್ತಪಡಿಸಿದ್ದಾರೆ.

ಮುಂದಿನ ದಿನಗಳಲ್ಲಿ ಈ ಬಗ್ಗೆ ಹೈಕಮಾಂಡ್ ಮಟ್ಟದಲ್ಲಿ ಚರ್ಚೆ ನಡೆಯಲಿದೆ ಎಂದು ಪಕ್ಷದ ಹಿರಿಯ ನಾಯಕರೊಬ್ಬರು ತಿಳಿಸಿದ್ದಾರೆ. ಫಲಿತಾಂಶದ ಮೇಲೆ ಇದು 4 ರಂದು ಉಪಚುನಾವಣೆ.
